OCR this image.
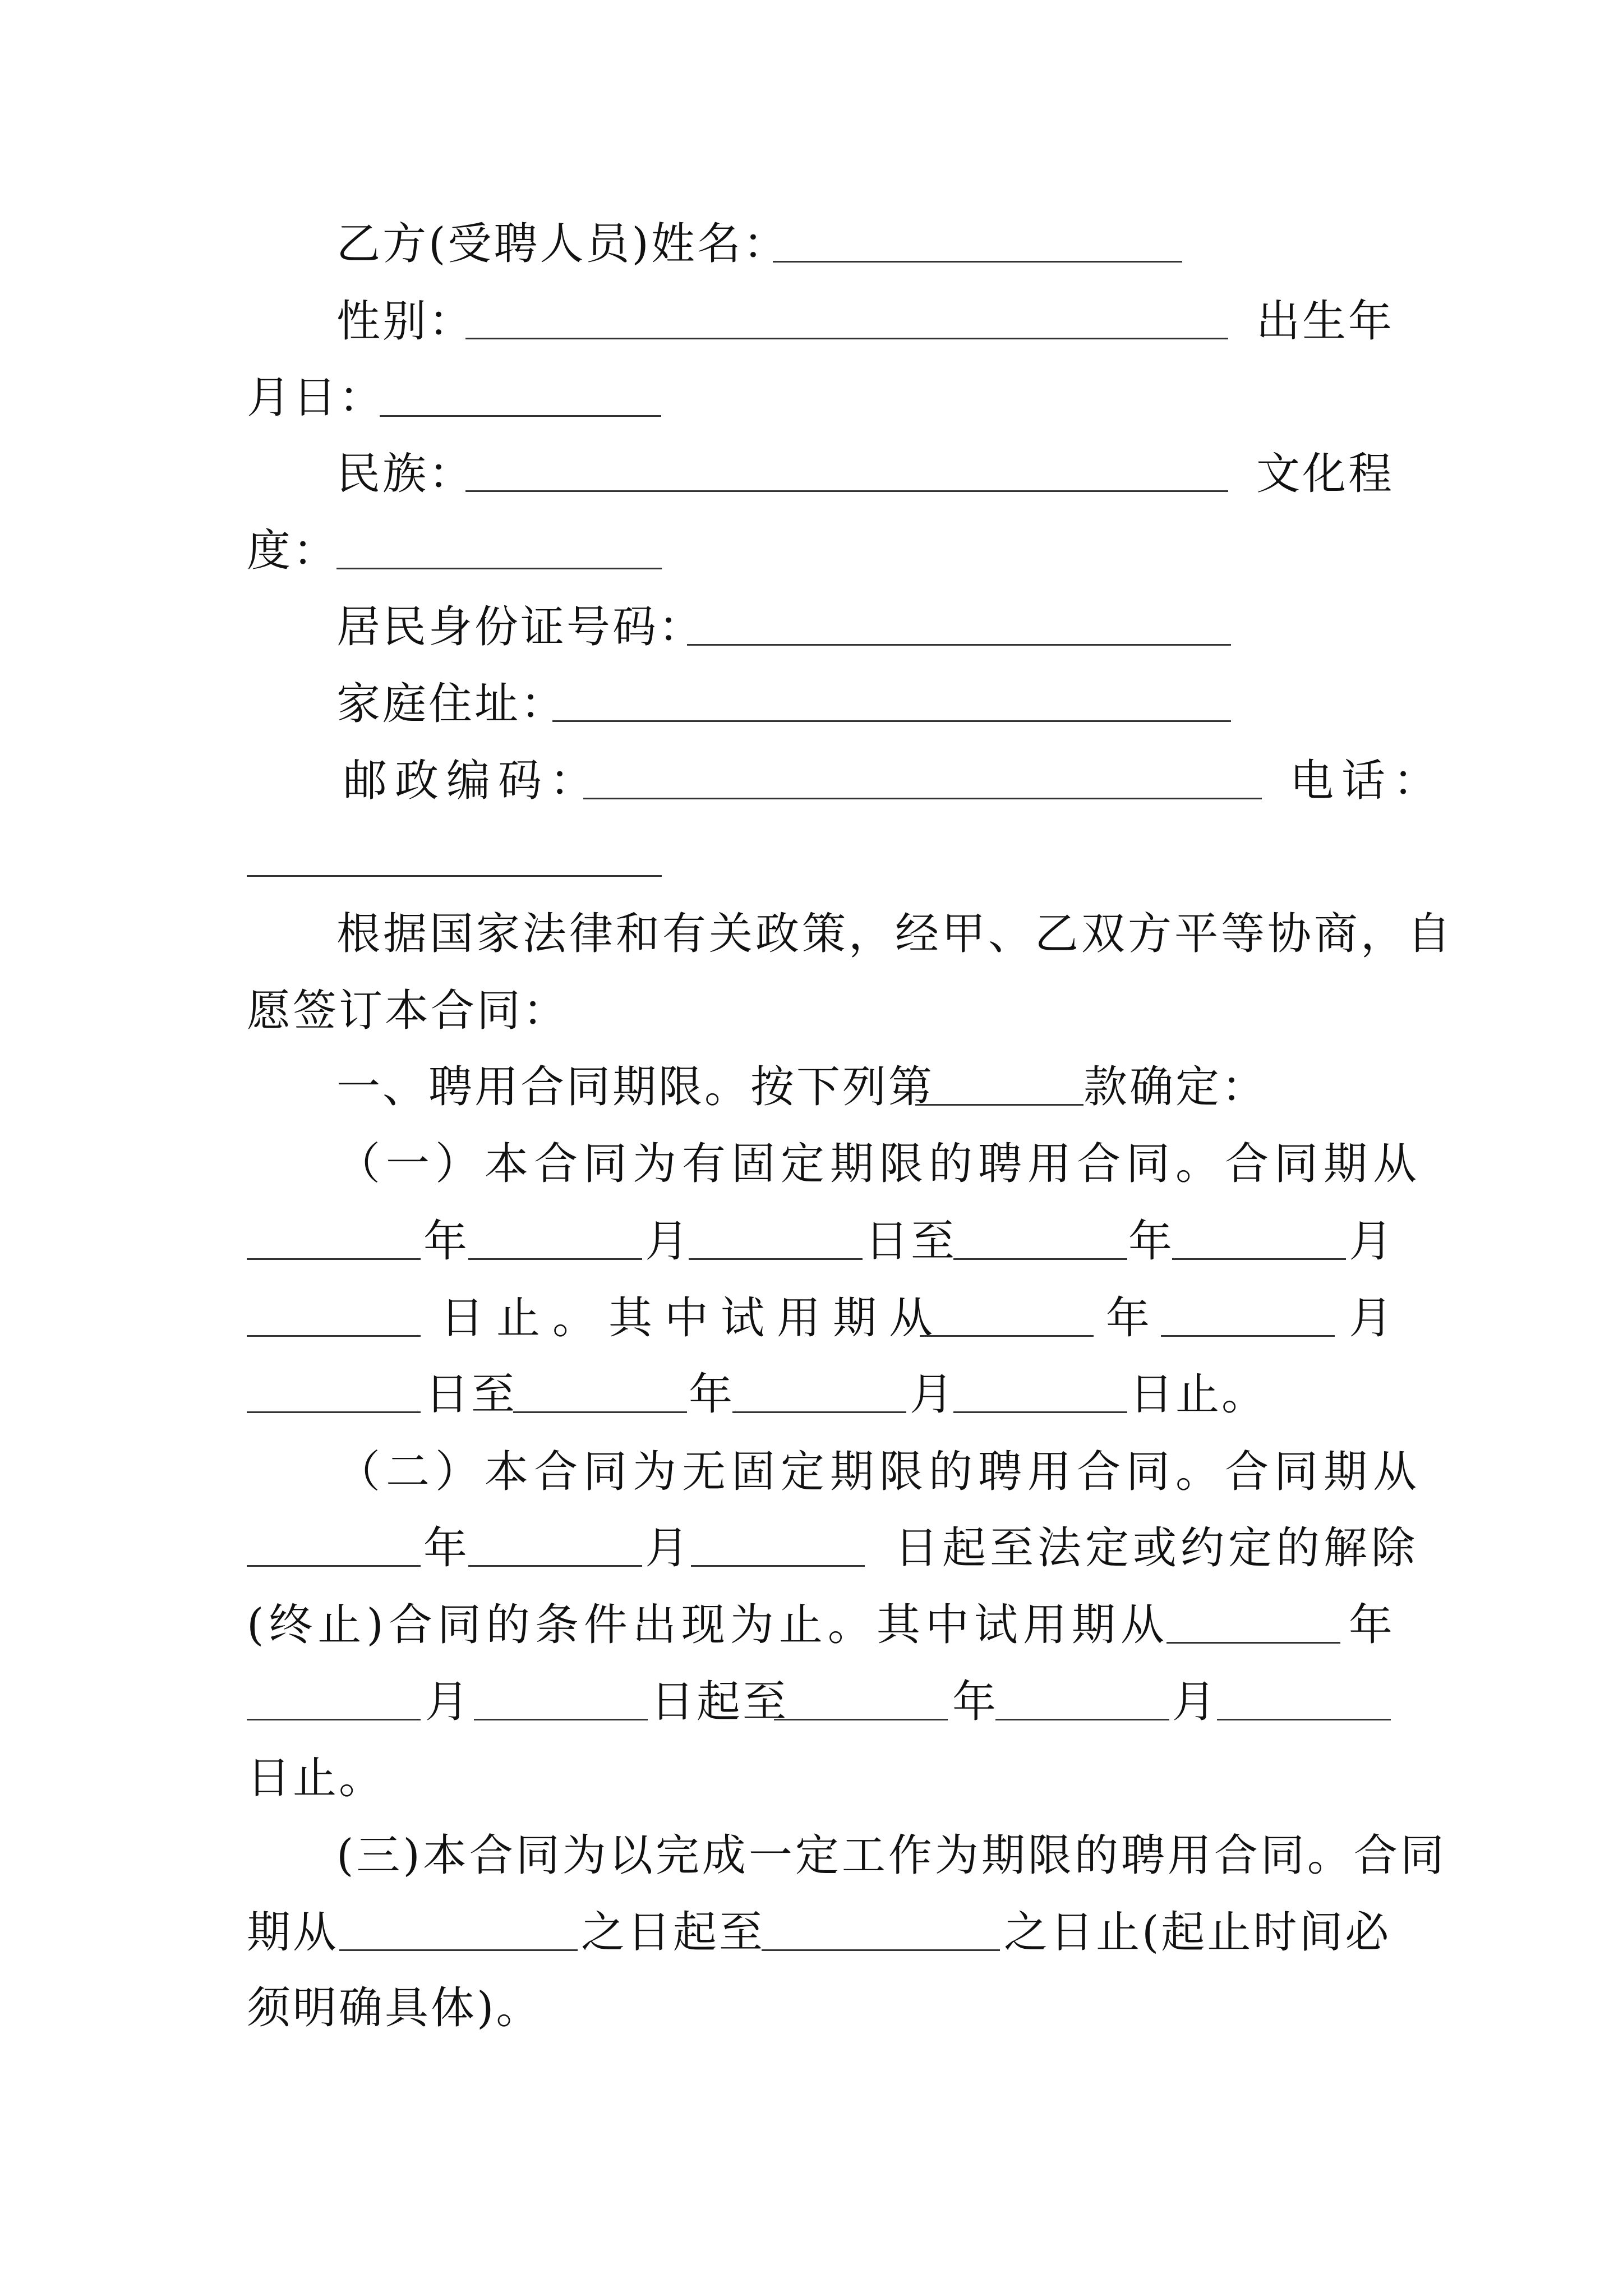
乙方(受聘人员)姓名：
性别：	出生年
月日：
民族：	文化程
度：
居民身份证号码：
家庭住址：
邮政编码：	电话：
根据国家法律和有关政策，经甲、乙双方平等协商，自
愿签订本合同：
一、聘用合同期限。按下列第	款确定：
（一）本合同为有固定期限的聘用合同。合同期从
年	月	日至	年	月
日止。其中试用期从	年	月
日至	年	月	日止。
（二）本合同为无固定期限的聘用合同。合同期从
年	月	日起至法定或约定的解除
(终止)合同的条件出现为止。其中试用期从	年
月	日起至	年	月
日止。
(三)本合同为以完成一定工作为期限的聘用合同。合同
期从	之日起至	之日止(起止时间必
须明确具体)。
